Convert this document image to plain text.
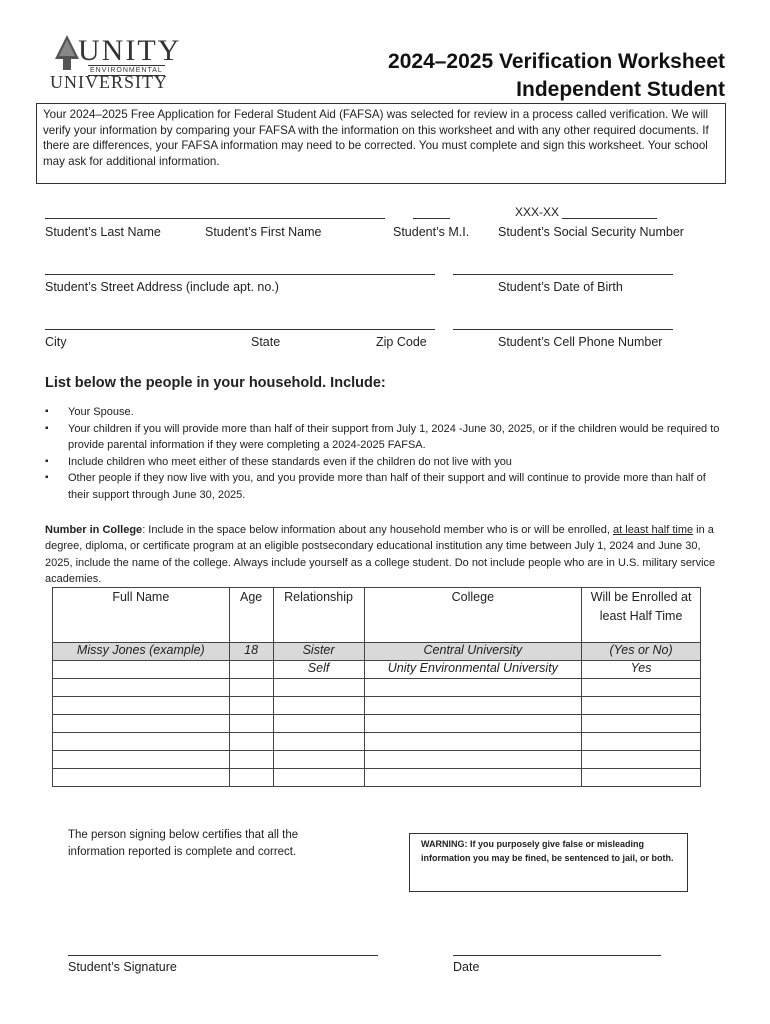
UNITY
ENVIRONMENTAL
UNIVERSITY
2024–2025 Verification Worksheet
Independent Student
Your 2024–2025 Free Application for Federal Student Aid (FAFSA) was selected for review in a process called verification. We will verify your information by comparing your FAFSA with the information on this worksheet and with any other required documents. If there are differences, your FAFSA information may need to be corrected. You must complete and sign this worksheet. Your school may ask for additional information.
XXX-XX
Student’s Last Name	Student’s First Name	Student’s M.I. Student’s Social Security Number
Student’s Street Address (include apt. no.)	Student’s Date of Birth
City	State	Zip Code	Student’s Cell Phone Number
List below the people in your household. Include:
▪ Your Spouse.
▪ Your children if you will provide more than half of their support from July 1, 2024 -June 30, 2025, or if the children would be required to provide parental information if they were completing a 2024-2025 FAFSA.
▪ Include children who meet either of these standards even if the children do not live with you
▪ Other people if they now live with you, and you provide more than half of their support and will continue to provide more than half of their support through June 30, 2025.
Number in College: Include in the space below information about any household member who is or will be enrolled, at least half time in a degree, diploma, or certificate program at an eligible postsecondary educational institution any time between July 1, 2024 and June 30, 2025, include the name of the college. Always include yourself as a college student. Do not include people who are in U.S. military service academies.
Full Name	Age	Relationship	College	Will be Enrolled at least Half Time
Missy Jones (example)	18	Sister	Central University	(Yes or No)
		Self	Unity Environmental University	Yes

The person signing below certifies that all the information reported is complete and correct.
WARNING: If you purposely give false or misleading information you may be fined, be sentenced to jail, or both.
Student’s Signature	Date
